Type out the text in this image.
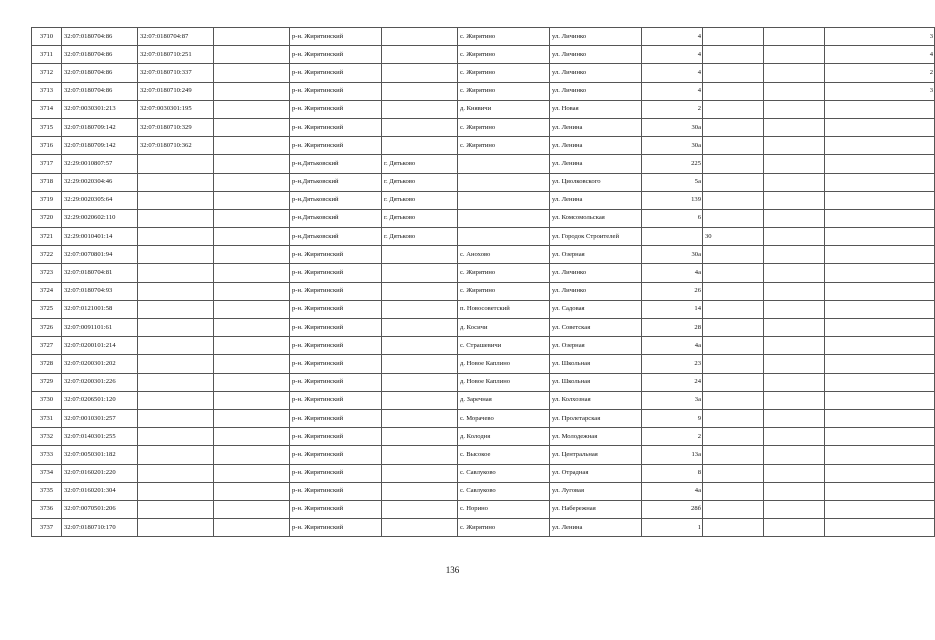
3710	32:07:0180704:86	32:07:0180704:87		р-н. Жирятинский		с. Жирятино	ул. Личинко	4			3
3711	32:07:0180704:86	32:07:0180710:251		р-н. Жирятинский		с. Жирятино	ул. Личинко	4			4
3712	32:07:0180704:86	32:07:0180710:337		р-н. Жирятинский		с. Жирятино	ул. Личинко	4			2
3713	32:07:0180704:86	32:07:0180710:249		р-н. Жирятинский		с. Жирятино	ул. Личинко	4			3
3714	32:07:0030301:213	32:07:0030301:195		р-н. Жирятинский		д. Княвичи	ул. Новая	2			
3715	32:07:0180709:142	32:07:0180710:329		р-н. Жирятинский		с. Жирятино	ул. Ленина	30а			
3716	32:07:0180709:142	32:07:0180710:362		р-н. Жирятинский		с. Жирятино	ул. Ленина	30а			
3717	32:29:0010807:57			р-н.Дятьковский	г. Дятьково		ул. Ленина	225			
3718	32:29:0020304:46			р-н.Дятьковский	г. Дятьково		ул. Циолковского	5а			
3719	32:29:0020305:64			р-н.Дятьковский	г. Дятьково		ул. Ленина	139			
3720	32:29:0020602:110			р-н.Дятьковский	г. Дятьково		ул. Комсомольская	6			
3721	32:29:0010401:14			р-н.Дятьковский	г. Дятьково		ул. Городок Строителей		30		
3722	32:07:0070801:94			р-н. Жирятинский		с. Анохово	ул. Озерная	30а			
3723	32:07:0180704:81			р-н. Жирятинский		с. Жирятино	ул. Личинко	4а			
3724	32:07:0180704:93			р-н. Жирятинский		с. Жирятино	ул. Личинко	26			
3725	32:07:0121001:58			р-н. Жирятинский		п. Новосоветский	ул. Садовая	14			
3726	32:07:0091101:61			р-н. Жирятинский		д. Косичи	ул. Советская	28			
3727	32:07:0200101:214			р-н. Жирятинский		с. Страшевичи	ул. Озерная	4а			
3728	32:07:0200301:202			р-н. Жирятинский		д. Новое Каплино	ул. Школьная	23			
3729	32:07:0200301:226			р-н. Жирятинский		д. Новое Каплино	ул. Школьная	24			
3730	32:07:0206501:120			р-н. Жирятинский		д. Заречная	ул. Колхозная	3а			
3731	32:07:0010301:257			р-н. Жирятинский		с. Морачево	ул. Пролетарская	9			
3732	32:07:0140301:255			р-н. Жирятинский		д. Колодня	ул. Молодежная	2			
3733	32:07:0050301:182			р-н. Жирятинский		с. Высокое	ул. Центральная	13а			
3734	32:07:0160201:220			р-н. Жирятинский		с. Савлуково	ул. Отрадная	8			
3735	32:07:0160201:304			р-н. Жирятинский		с. Савлуково	ул. Луговая	4а			
3736	32:07:0070501:206			р-н. Жирятинский		с. Норино	ул. Набережная	28б			
3737	32:07:0180710:170			р-н. Жирятинский		с. Жирятино	ул. Ленина	1			
136
